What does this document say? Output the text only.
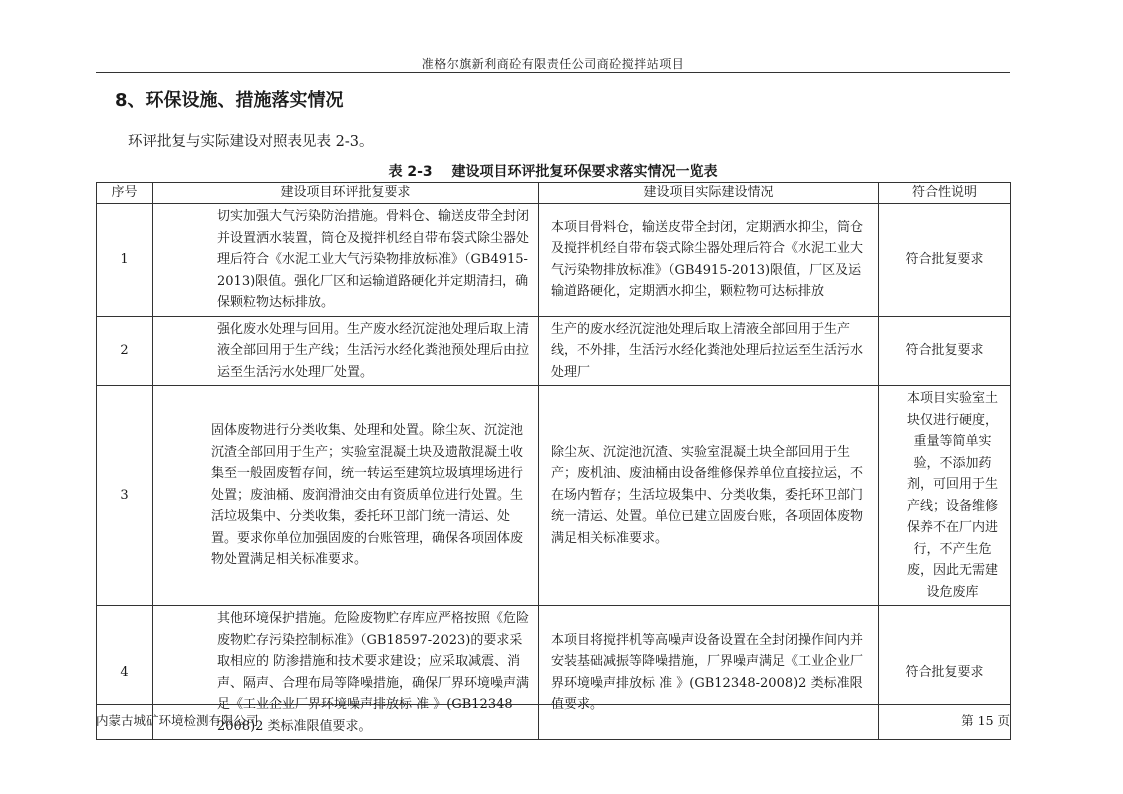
准格尔旗新利商砼有限责任公司商砼搅拌站项目
8、环保设施、措施落实情况
环评批复与实际建设对照表见表 2-3。
表 2-3　 建设项目环评批复环保要求落实情况一览表
序号	建设项目环评批复要求	建设项目实际建设情况	符合性说明
1	切实加强大气污染防治措施。骨料仓、输送皮带全封闭并设置洒水装置，筒仓及搅拌机经自带布袋式除尘器处理后符合《水泥工业大气污染物排放标准》（GB4915-2013)限值。强化厂区和运输道路硬化并定期清扫，确保颗粒物达标排放。	本项目骨料仓，输送皮带全封闭，定期洒水抑尘，筒仓及搅拌机经自带布袋式除尘器处理后符合《水泥工业大气污染物排放标准》（GB4915-2013)限值，厂区及运输道路硬化，定期洒水抑尘，颗粒物可达标排放	符合批复要求
2	强化废水处理与回用。生产废水经沉淀池处理后取上清液全部回用于生产线；生活污水经化粪池预处理后由拉运至生活污水处理厂处置。	生产的废水经沉淀池处理后取上清液全部回用于生产线，不外排，生活污水经化粪池处理后拉运至生活污水处理厂	符合批复要求
3	固体废物进行分类收集、处理和处置。除尘灰、沉淀池沉渣全部回用于生产；实验室混凝土块及遗散混凝土收集至一般固废暂存间，统一转运至建筑垃圾填埋场进行处置；废油桶、废润滑油交由有资质单位进行处置。生活垃圾集中、分类收集，委托环卫部门统一清运、处置。要求你单位加强固废的台账管理，确保各项固体废物处置满足相关标准要求。	除尘灰、沉淀池沉渣、实验室混凝土块全部回用于生产；废机油、废油桶由设备维修保养单位直接拉运，不在场内暂存；生活垃圾集中、分类收集，委托环卫部门统一清运、处置。单位已建立固废台账，各项固体废物满足相关标准要求。	本项目实验室土块仅进行硬度，重量等简单实验，不添加药剂，可回用于生产线；设备维修保养不在厂内进行，不产生危废，因此无需建设危废库
4	其他环境保护措施。危险废物贮存库应严格按照《危险废物贮存污染控制标准》（GB18597-2023)的要求采取相应的 防渗措施和技术要求建设；应采取减震、消声、隔声、合理布局等降噪措施，确保厂界环境噪声满足《工业企业厂界环境噪声排放标 准 》(GB12348-2008)2 类标准限值要求。	本项目将搅拌机等高噪声设备设置在全封闭操作间内并安装基础减振等降噪措施，厂界噪声满足《工业企业厂界环境噪声排放标 准 》(GB12348-2008)2 类标准限值要求。	符合批复要求
内蒙古城矿环境检测有限公司	第 15 页
